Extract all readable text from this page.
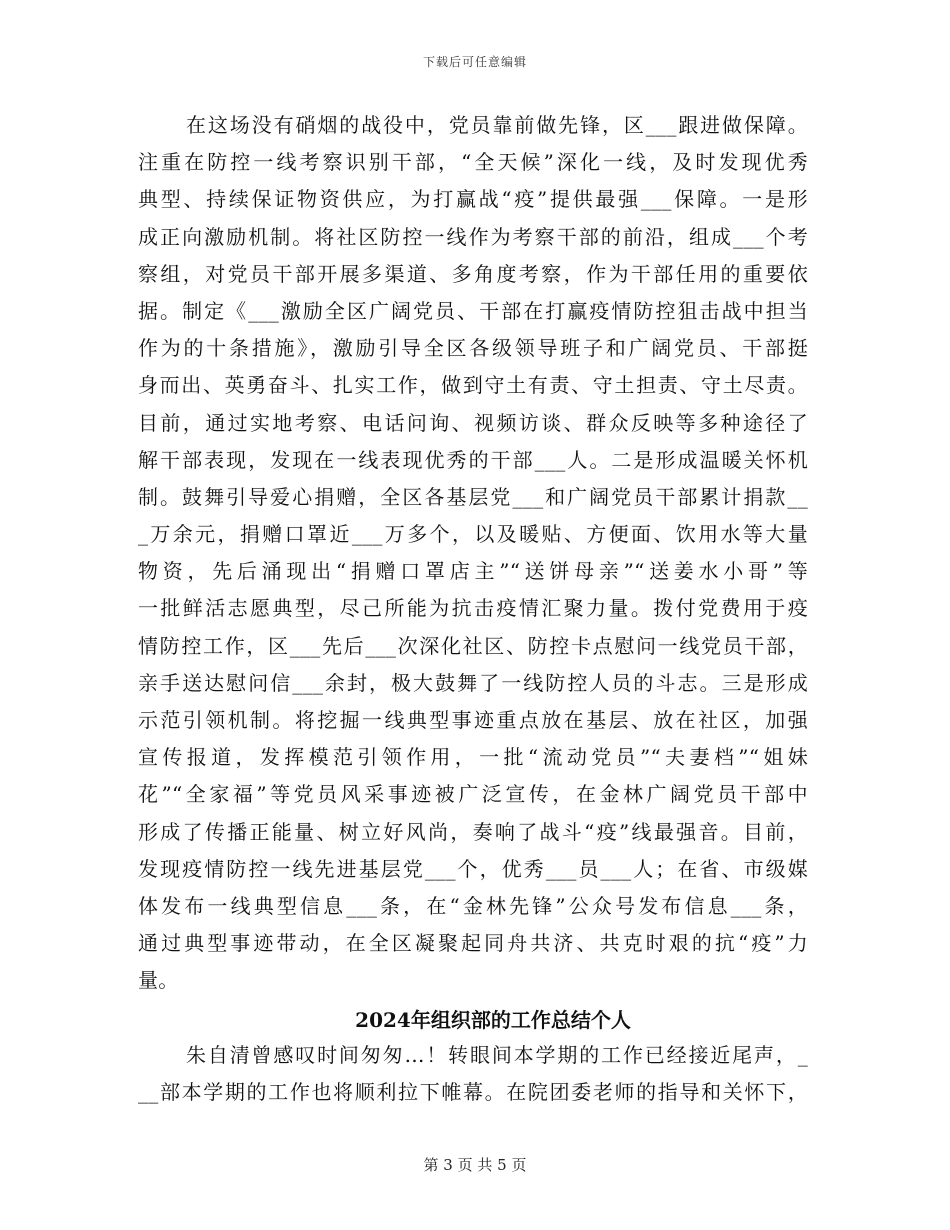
下载后可任意编辑
在这场没有硝烟的战役中，党员靠前做先锋，区___跟进做保障。
注重在防控一线考察识别干部，“全天候”深化一线，及时发现优秀
典型、持续保证物资供应，为打赢战“疫”提供最强___保障。一是形
成正向激励机制。将社区防控一线作为考察干部的前沿，组成___个考
察组，对党员干部开展多渠道、多角度考察，作为干部任用的重要依
据。制定《___激励全区广阔党员、干部在打赢疫情防控狙击战中担当
作为的十条措施》，激励引导全区各级领导班子和广阔党员、干部挺
身而出、英勇奋斗、扎实工作，做到守土有责、守土担责、守土尽责。
目前，通过实地考察、电话问询、视频访谈、群众反映等多种途径了
解干部表现，发现在一线表现优秀的干部___人。二是形成温暖关怀机
制。鼓舞引导爱心捐赠，全区各基层党___和广阔党员干部累计捐款__
_万余元，捐赠口罩近___万多个，以及暖贴、方便面、饮用水等大量
物资，先后涌现出“捐赠口罩店主”“送饼母亲”“送姜水小哥”等
一批鲜活志愿典型，尽己所能为抗击疫情汇聚力量。拨付党费用于疫
情防控工作，区___先后___次深化社区、防控卡点慰问一线党员干部，
亲手送达慰问信___余封，极大鼓舞了一线防控人员的斗志。三是形成
示范引领机制。将挖掘一线典型事迹重点放在基层、放在社区，加强
宣传报道，发挥模范引领作用，一批“流动党员”“夫妻档”“姐妹
花”“全家福”等党员风采事迹被广泛宣传，在金林广阔党员干部中
形成了传播正能量、树立好风尚，奏响了战斗“疫”线最强音。目前，
发现疫情防控一线先进基层党___个，优秀___员___人；在省、市级媒
体发布一线典型信息___条，在“金林先锋”公众号发布信息___条，
通过典型事迹带动，在全区凝聚起同舟共济、共克时艰的抗“疫”力
量。
2024年组织部的工作总结个人
朱自清曾感叹时间匆匆…！转眼间本学期的工作已经接近尾声，_
__部本学期的工作也将顺利拉下帷幕。在院团委老师的指导和关怀下，
第 3 页 共 5 页
